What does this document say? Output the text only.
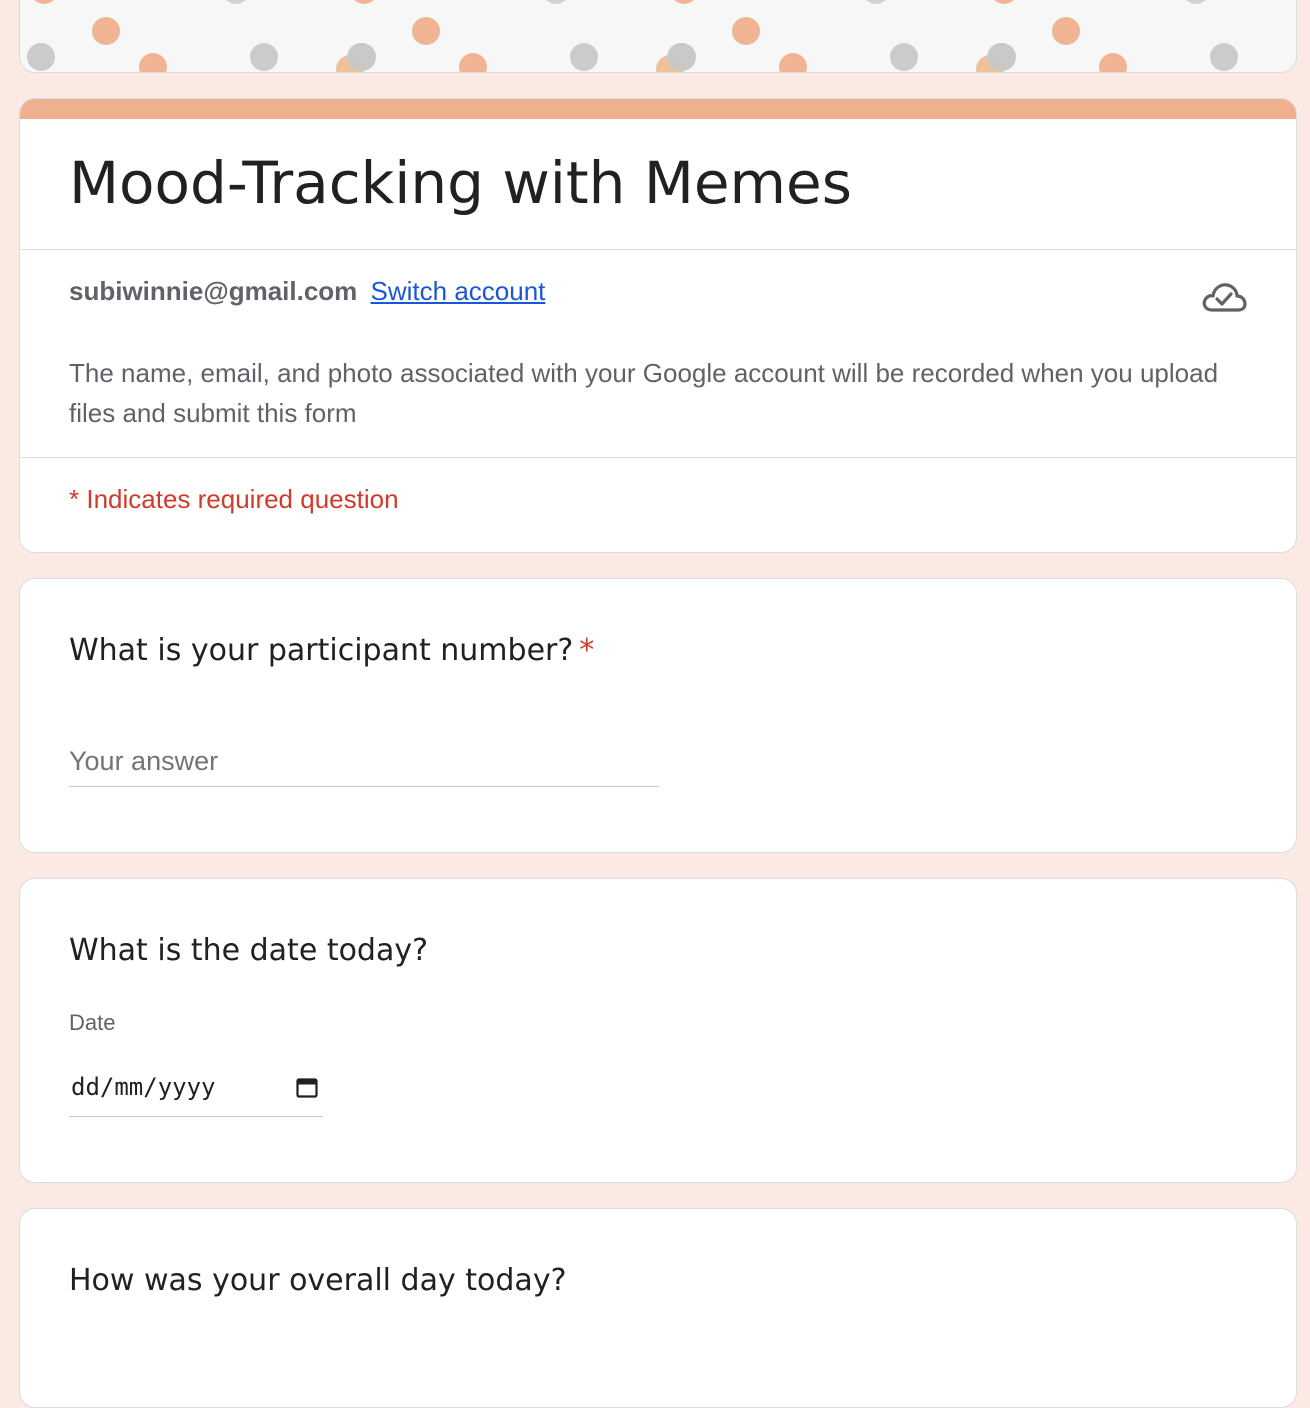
Mood-Tracking with Memes
subiwinnie@gmail.com Switch account

The name, email, and photo associated with your Google account will be recorded when you upload files and submit this form

* Indicates required question
What is your participant number? *
Your answer
What is the date today?
Date
dd/mm/yyyy
How was your overall day today?
